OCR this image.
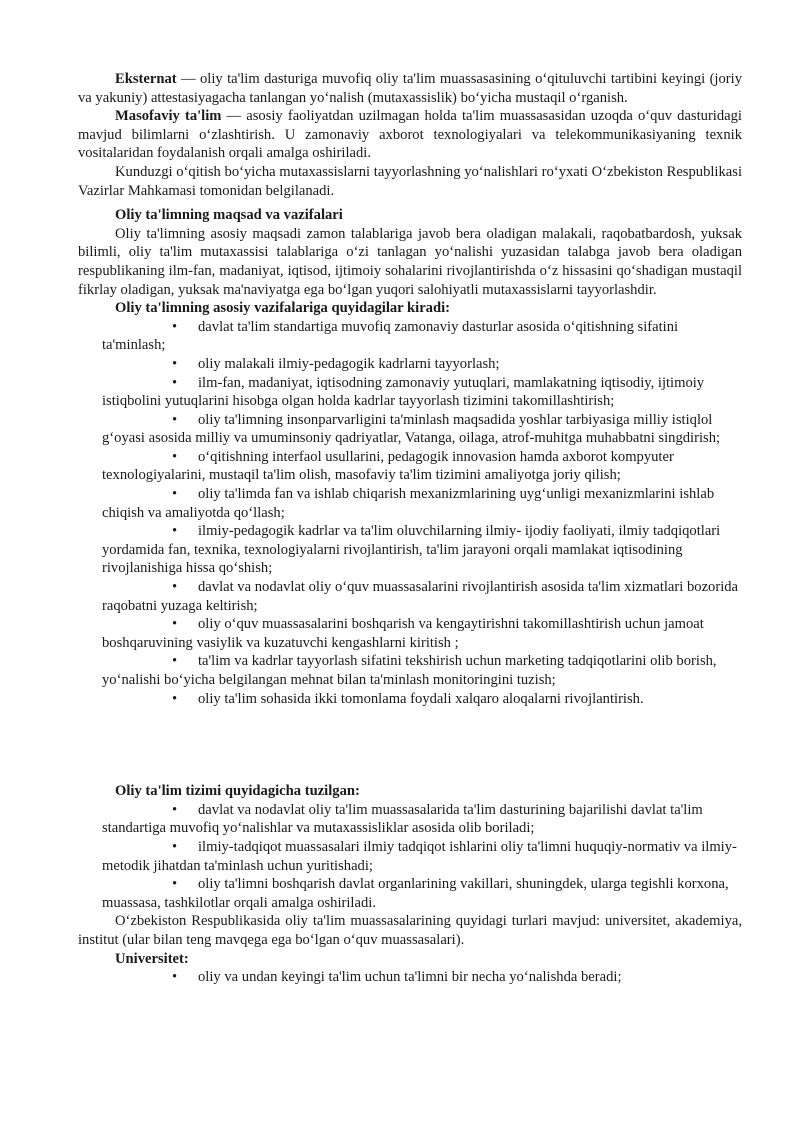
Eksternat — oliy ta'lim dasturiga muvofiq oliy ta'lim muassasasining o‘qituluvchi tartibini keyingi (joriy va yakuniy) attestasiyagacha tanlangan yo‘nalish (mutaxassislik) bo‘yicha mustaqil o‘rganish.

Masofaviy ta'lim — asosiy faoliyatdan uzilmagan holda ta'lim muassasasidan uzoqda o‘quv dasturidagi mavjud bilimlarni o‘zlashtirish. U zamonaviy axborot texnologiyalari va telekommunikasiyaning texnik vositalaridan foydalanish orqali amalga oshiriladi.

Kunduzgi o‘qitish bo‘yicha mutaxassislarni tayyorlashning yo‘nalishlari ro‘yxati O‘zbekiston Respublikasi Vazirlar Mahkamasi tomonidan belgilanadi.

Oliy ta'limning maqsad va vazifalari

Oliy ta'limning asosiy maqsadi zamon talablariga javob bera oladigan malakali, raqobatbardosh, yuksak bilimli, oliy ta'lim mutaxassisi talablariga o‘zi tanlagan yo‘nalishi yuzasidan talabga javob bera oladigan respublikaning ilm-fan, madaniyat, iqtisod, ijtimoiy sohalarini rivojlantirishda o‘z hissasini qo‘shadigan mustaqil fikrlay oladigan, yuksak ma'naviyatga ega bo‘lgan yuqori salohiyatli mutaxassislarni tayyorlashdir.

Oliy ta'limning asosiy vazifalariga quyidagilar kiradi:

• davlat ta'lim standartiga muvofiq zamonaviy dasturlar asosida o‘qitishning sifatini ta'minlash;
• oliy malakali ilmiy-pedagogik kadrlarni tayyorlash;
• ilm-fan, madaniyat, iqtisodning zamonaviy yutuqlari, mamlakatning iqtisodiy, ijtimoiy istiqbolini yutuqlarini hisobga olgan holda kadrlar tayyorlash tizimini takomillashtirish;
• oliy ta'limning insonparvarligini ta'minlash maqsadida yoshlar tarbiyasiga milliy istiqlol g‘oyasi asosida milliy va umuminsoniy qadriyatlar, Vatanga, oilaga, atrof-muhitga muhabbatni singdirish;
• o‘qitishning interfaol usullarini, pedagogik innovasion hamda axborot kompyuter texnologiyalarini, mustaqil ta'lim olish, masofaviy ta'lim tizimini amaliyotga joriy qilish;
• oliy ta'limda fan va ishlab chiqarish mexanizmlarining uyg‘unligi mexanizmlarini ishlab chiqish va amaliyotda qo‘llash;
• ilmiy-pedagogik kadrlar va ta'lim oluvchilarning ilmiy- ijodiy faoliyati, ilmiy tadqiqotlari yordamida fan, texnika, texnologiyalarni rivojlantirish, ta'lim jarayoni orqali mamlakat iqtisodining rivojlanishiga hissa qo‘shish;
• davlat va nodavlat oliy o‘quv muassasalarini rivojlantirish asosida ta'lim xizmatlari bozorida raqobatni yuzaga keltirish;
• oliy o‘quv muassasalarini boshqarish va kengaytirishni takomillashtirish uchun jamoat boshqaruvining vasiylik va kuzatuvchi kengashlarni kiritish ;
• ta'lim va kadrlar tayyorlash sifatini tekshirish uchun marketing tadqiqotlarini olib borish, yo‘nalishi bo‘yicha belgilangan mehnat bilan ta'minlash monitoringini tuzish;
• oliy ta'lim sohasida ikki tomonlama foydali xalqaro aloqalarni rivojlantirish.

Oliy ta'lim tizimi quyidagicha tuzilgan:

• davlat va nodavlat oliy ta'lim muassasalarida ta'lim dasturining bajarilishi davlat ta'lim standartiga muvofiq yo‘nalishlar va mutaxassisliklar asosida olib boriladi;
• ilmiy-tadqiqot muassasalari ilmiy tadqiqot ishlarini oliy ta'limni huquqiy-normativ va ilmiy-metodik jihatdan ta'minlash uchun yuritishadi;
• oliy ta'limni boshqarish davlat organlarining vakillari, shuningdek, ularga tegishli korxona, muassasa, tashkilotlar orqali amalga oshiriladi.

O‘zbekiston Respublikasida oliy ta'lim muassasalarining quyidagi turlari mavjud: universitet, akademiya, institut (ular bilan teng mavqega ega bo‘lgan o‘quv muassasalari).

Universitet:

• oliy va undan keyingi ta'lim uchun ta'limni bir necha yo‘nalishda beradi;
